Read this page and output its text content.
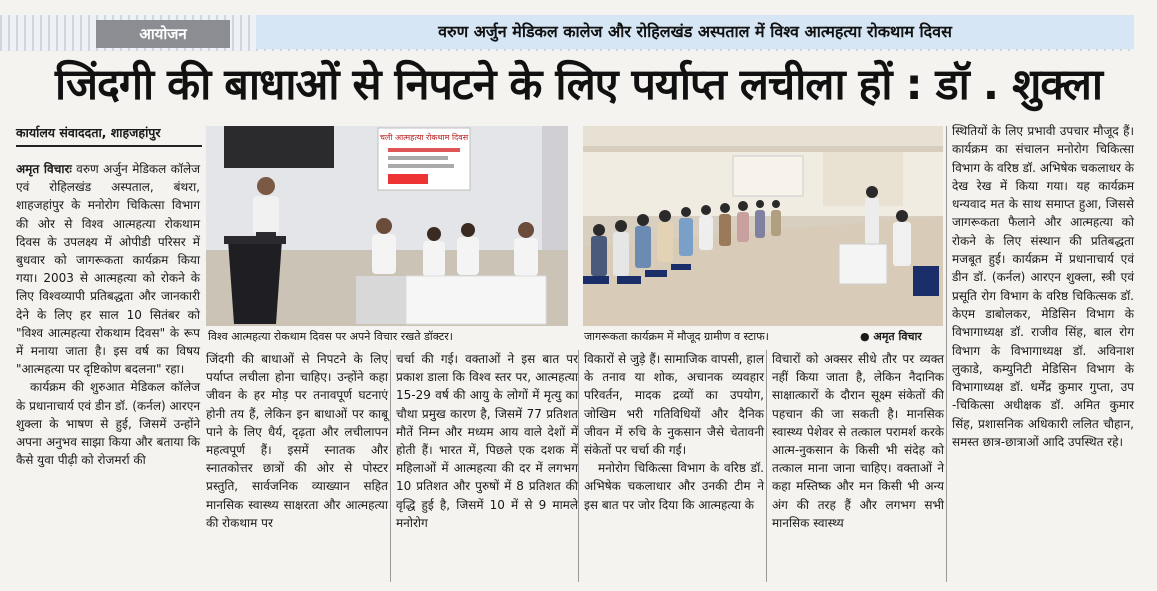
आयोजन	वरुण अर्जुन मेडिकल कालेज और रोहिलखंड अस्पताल में विश्व आत्महत्या रोकथाम दिवस
जिंदगी की बाधाओं से निपटने के लिए पर्याप्त लचीला हों : डॉ . शुक्ला
कार्यालय संवाददता, शाहजहांपुर

अमृत विचारः वरुण अर्जुन मेडिकल कॉलेज एवं रोहिलखंड अस्पताल, बंथरा, शाहजहांपुर के मनोरोग चिकित्सा विभाग की ओर से विश्व आत्महत्या रोकथाम दिवस के उपलक्ष्य में ओपीडी परिसर में बुधवार को जागरूकता कार्यक्रम किया गया। 2003 से आत्महत्या को रोकने के लिए विश्वव्यापी प्रतिबद्धता और जानकारी देने के लिए हर साल 10 सितंबर को "विश्व आत्महत्या रोकथाम दिवस" के रूप में मनाया जाता है। इस वर्ष का विषय "आत्महत्या पर दृष्टिकोण बदलना" रहा।

कार्यक्रम की शुरुआत मेडिकल कॉलेज के प्रधानाचार्य एवं डीन डॉ. (कर्नल) आरएन शुक्ला के भाषण से हुई, जिसमें उन्होंने अपना अनुभव साझा किया और बताया कि कैसे युवा पीढ़ी को रोजमर्रा की

चली आत्महत्या रोकथाम दिवस
विश्व आत्महत्या रोकथाम दिवस पर अपने विचार रखते डॉक्टर।	जागरूकता कार्यक्रम में मौजूद ग्रामीण व स्टाफ।	● अमृत विचार
जिंदगी की बाधाओं से निपटने के लिए पर्याप्त लचीला होना चाहिए। उन्होंने कहा जीवन के हर मोड़ पर तनावपूर्ण घटनाएं होनी तय हैं, लेकिन इन बाधाओं पर काबू पाने के लिए धैर्य, दृढ़ता और लचीलापन महत्वपूर्ण हैं। इसमें स्नातक और स्नातकोत्तर छात्रों की ओर से पोस्टर प्रस्तुति, सार्वजनिक व्याख्यान सहित मानसिक स्वास्थ्य साक्षरता और आत्महत्या की रोकथाम पर
चर्चा की गई। वक्ताओं ने इस बात पर प्रकाश डाला कि विश्व स्तर पर, आत्महत्या 15-29 वर्ष की आयु के लोगों में मृत्यु का चौथा प्रमुख कारण है, जिसमें 77 प्रतिशत मौतें निम्न और मध्यम आय वाले देशों में होती हैं। भारत में, पिछले एक दशक में महिलाओं में आत्महत्या की दर में लगभग 10 प्रतिशत और पुरुषों में 8 प्रतिशत की वृद्धि हुई है, जिसमें 10 में से 9 मामले मनोरोग

विकारों से जुड़े हैं। सामाजिक वापसी, हाल के तनाव या शोक, अचानक व्यवहार परिवर्तन, मादक द्रव्यों का उपयोग, जोखिम भरी गतिविधियों और दैनिक जीवन में रुचि के नुकसान जैसे चेतावनी संकेतों पर चर्चा की गई।

मनोरोग चिकित्सा विभाग के वरिष्ठ डॉ. अभिषेक चकलाधार और उनकी टीम ने इस बात पर जोर दिया कि आत्महत्या के

विचारों को अक्सर सीधे तौर पर व्यक्त नहीं किया जाता है, लेकिन नैदानिक साक्षात्कारों के दौरान सूक्ष्म संकेतों की पहचान की जा सकती है। मानसिक स्वास्थ्य पेशेवर से तत्काल परामर्श करके आत्म-नुकसान के किसी भी संदेह को तत्काल माना जाना चाहिए। वक्ताओं ने कहा मस्तिष्क और मन किसी भी अन्य अंग की तरह हैं और लगभग सभी मानसिक स्वास्थ्य
स्थितियों के लिए प्रभावी उपचार मौजूद हैं। कार्यक्रम का संचालन मनोरोग चिकित्सा विभाग के वरिष्ठ डॉ. अभिषेक चकलाधर के देख रेख में किया गया। यह कार्यक्रम धन्यवाद मत के साथ समाप्त हुआ, जिससे जागरूकता फैलाने और आत्महत्या को रोकने के लिए संस्थान की प्रतिबद्धता मजबूत हुई। कार्यक्रम में प्रधानाचार्य एवं डीन डॉ. (कर्नल) आरएन शुक्ला, स्त्री एवं प्रसूति रोग विभाग के वरिष्ठ चिकित्सक डॉ. केएम डाबोलकर, मेडिसिन विभाग के विभागाध्यक्ष डॉ. राजीव सिंह, बाल रोग विभाग के विभागाध्यक्ष डॉ. अविनाश लुकाडे, कम्युनिटी मेडिसिन विभाग के विभागाध्यक्ष डॉ. धर्मेंद्र कुमार गुप्ता, उप -चिकित्सा अधीक्षक डॉ. अमित कुमार सिंह, प्रशासनिक अधिकारी ललित चौहान, समस्त छात्र-छात्राओं आदि उपस्थित रहे।
